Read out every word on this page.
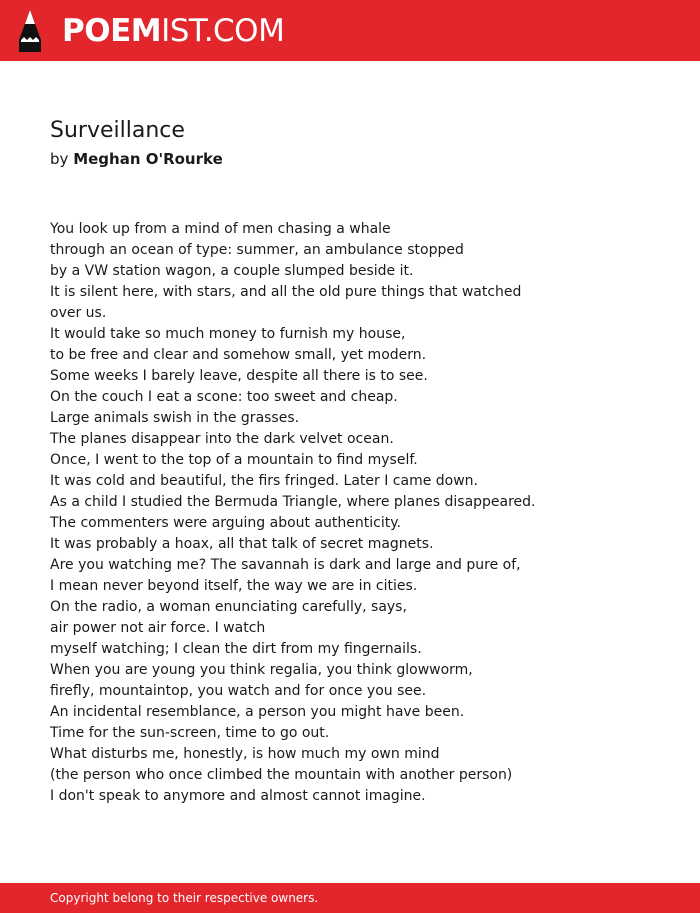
POEMIST.COM
Surveillance
by Meghan O'Rourke
You look up from a mind of men chasing a whale
through an ocean of type: summer, an ambulance stopped
by a VW station wagon, a couple slumped beside it.
It is silent here, with stars, and all the old pure things that watched
over us.
It would take so much money to furnish my house,
to be free and clear and somehow small, yet modern.
Some weeks I barely leave, despite all there is to see.
On the couch I eat a scone: too sweet and cheap.
Large animals swish in the grasses.
The planes disappear into the dark velvet ocean.
Once, I went to the top of a mountain to find myself.
It was cold and beautiful, the firs fringed. Later I came down.
As a child I studied the Bermuda Triangle, where planes disappeared.
The commenters were arguing about authenticity.
It was probably a hoax, all that talk of secret magnets.
Are you watching me? The savannah is dark and large and pure of,
I mean never beyond itself, the way we are in cities.
On the radio, a woman enunciating carefully, says,
air power not air force. I watch
myself watching; I clean the dirt from my fingernails.
When you are young you think regalia, you think glowworm,
firefly, mountaintop, you watch and for once you see.
An incidental resemblance, a person you might have been.
Time for the sun-screen, time to go out.
What disturbs me, honestly, is how much my own mind
(the person who once climbed the mountain with another person)
I don't speak to anymore and almost cannot imagine.
Copyright belong to their respective owners.
